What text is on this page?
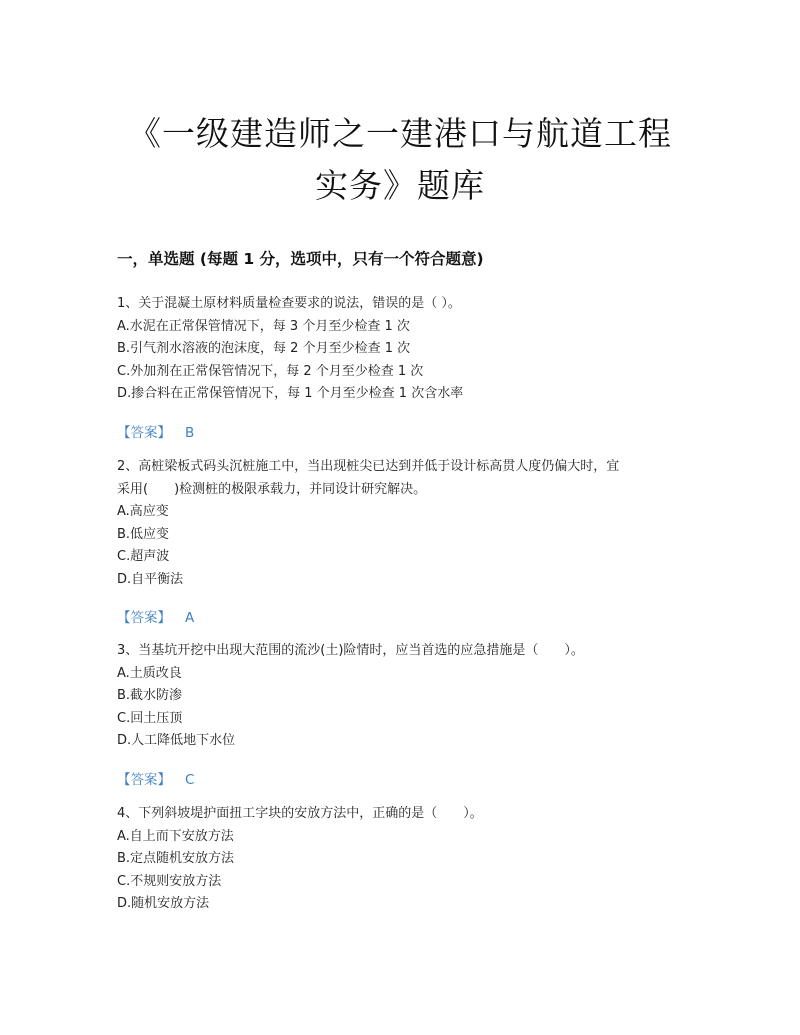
《一级建造师之一建港口与航道工程
实务》题库
一，单选题 (每题 1 分，选项中，只有一个符合题意)
1、关于混凝土原材料质量检查要求的说法，错误的是（ ）。
A.水泥在正常保管情况下，每 3 个月至少检查 1 次
B.引气剂水溶液的泡沫度，每 2 个月至少检查 1 次
C.外加剂在正常保管情况下，每 2 个月至少检查 1 次
D.掺合料在正常保管情况下，每 1 个月至少检查 1 次含水率
【答案】 B
2、高桩梁板式码头沉桩施工中，当出现桩尖已达到并低于设计标高贯人度仍偏大时，宜
采用(　　)检测桩的极限承载力，并同设计研究解决。
A.高应变
B.低应变
C.超声波
D.自平衡法
【答案】 A
3、当基坑开挖中出现大范围的流沙(土)险情时，应当首选的应急措施是（　　）。
A.土质改良
B.截水防渗
C.回土压顶
D.人工降低地下水位
【答案】 C
4、下列斜坡堤护面扭工字块的安放方法中，正确的是（　　）。
A.自上而下安放方法
B.定点随机安放方法
C.不规则安放方法
D.随机安放方法
